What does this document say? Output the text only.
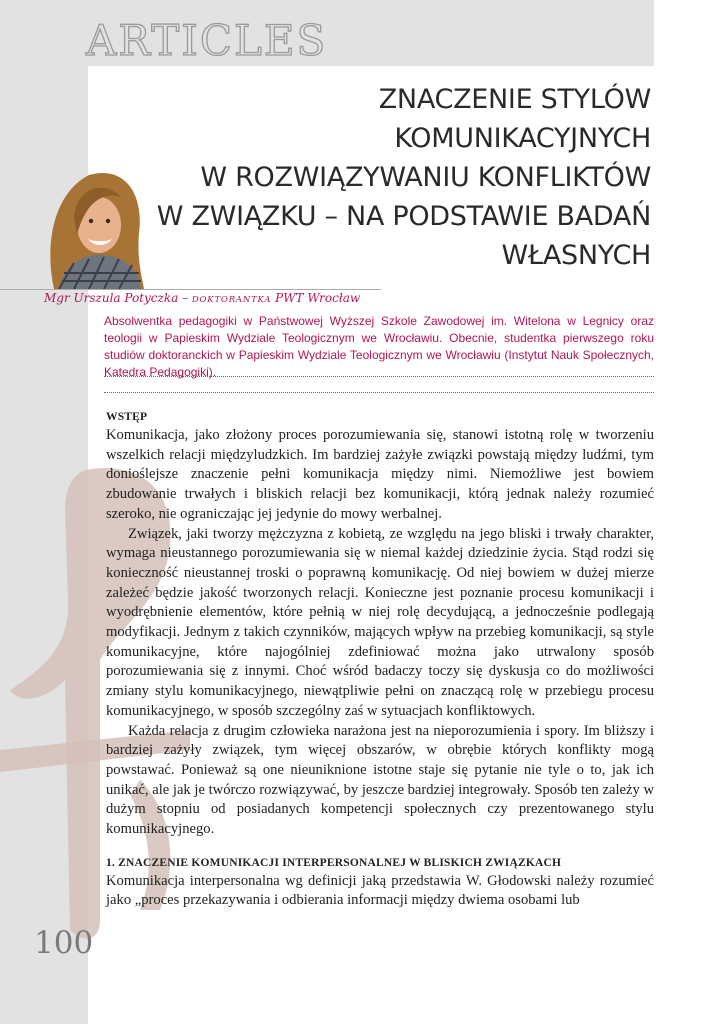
ARTICLES
ZNACZENIE STYLÓW
KOMUNIKACYJNYCH
W ROZWIĄZYWANIU KONFLIKTÓW
W ZWIĄZKU – NA PODSTAWIE BADAŃ
WŁASNYCH
Mgr Urszula Potyczka – DOKTORANTKA PWT Wrocław
Absolwentka pedagogiki w Państwowej Wyższej Szkole Zawodowej im. Witelona w Legnicy oraz teologii w Papieskim Wydziale Teologicznym we Wrocławiu. Obecnie, studentka pierwszego roku studiów doktoranckich w Papieskim Wydziale Teologicznym we Wrocławiu (Instytut Nauk Społecznych, Katedra Pedagogiki).
WSTĘP

Komunikacja, jako złożony proces porozumiewania się, stanowi istotną rolę w tworzeniu wszelkich relacji międzyludzkich. Im bardziej zażyłe związki powstają między ludźmi, tym donioślejsze znaczenie pełni komunikacja między nimi. Niemożliwe jest bowiem zbudowanie trwałych i bliskich relacji bez komunikacji, którą jednak należy rozumieć szeroko, nie ograniczając jej jedynie do mowy werbalnej.

Związek, jaki tworzy mężczyzna z kobietą, ze względu na jego bliski i trwały charakter, wymaga nieustannego porozumiewania się w niemal każdej dziedzinie życia. Stąd rodzi się konieczność nieustannej troski o poprawną komunikację. Od niej bowiem w dużej mierze zależeć będzie jakość tworzonych relacji. Konieczne jest poznanie procesu komunikacji i wyodrębnienie elementów, które pełnią w niej rolę decydującą, a jednocześnie podlegają modyfikacji. Jednym z takich czynników, mających wpływ na przebieg komunikacji, są style komunikacyjne, które najogólniej zdefiniować można jako utrwalony sposób porozumiewania się z innymi. Choć wśród badaczy toczy się dyskusja co do możliwości zmiany stylu komunikacyjnego, niewątpliwie pełni on znaczącą rolę w przebiegu procesu komunikacyjnego, w sposób szczególny zaś w sytuacjach konfliktowych.

Każda relacja z drugim człowieka narażona jest na nieporozumienia i spory. Im bliższy i bardziej zażyły związek, tym więcej obszarów, w obrębie których konflikty mogą powstawać. Ponieważ są one nieuniknione istotne staje się pytanie nie tyle o to, jak ich unikać, ale jak je twórczo rozwiązywać, by jeszcze bardziej integrowały. Sposób ten zależy w dużym stopniu od posiadanych kompetencji społecznych czy prezentowanego stylu komunikacyjnego.

1. ZNACZENIE KOMUNIKACJI INTERPERSONALNEJ W BLISKICH ZWIĄZKACH

Komunikacja interpersonalna wg definicji jaką przedstawia W. Głodowski należy rozumieć jako „proces przekazywania i odbierania informacji między dwiema osobami lub

100
